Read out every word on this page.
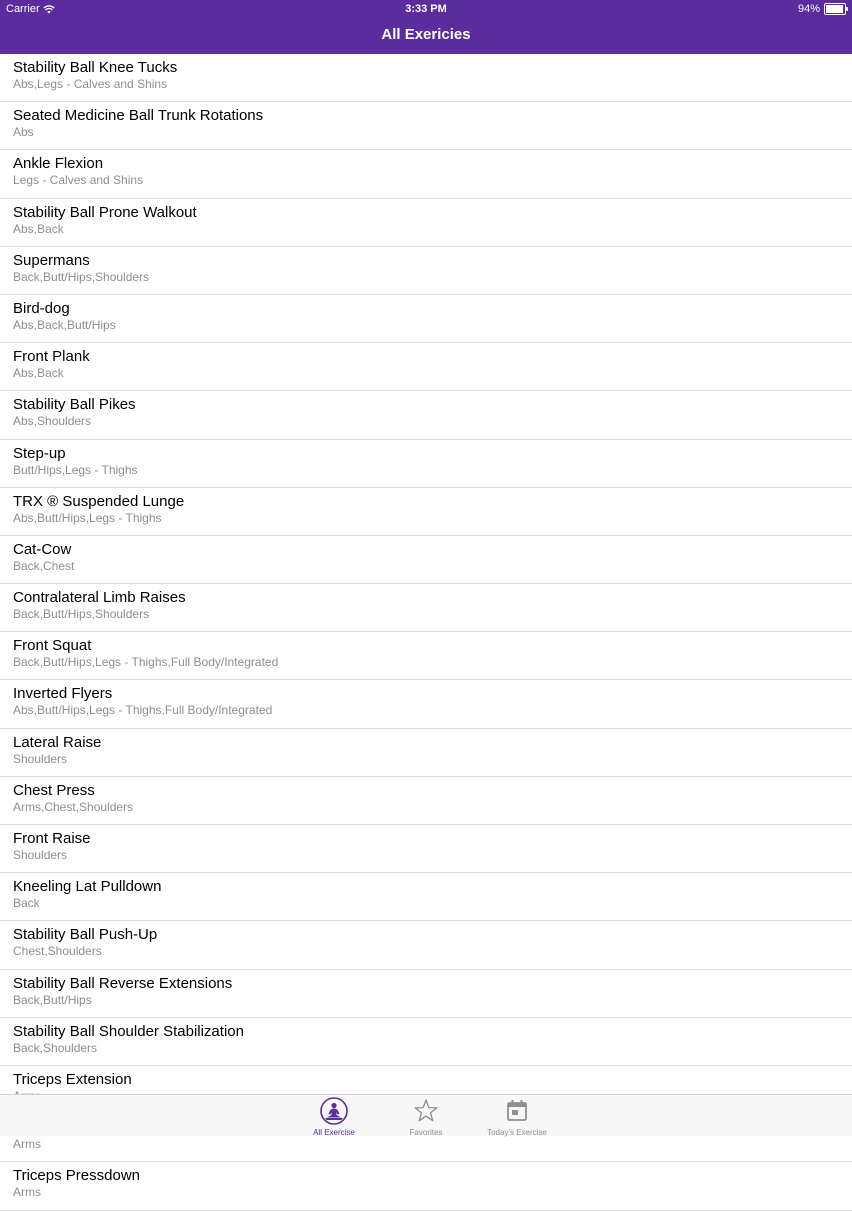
Carrier	3:33 PM	94%
All Exericies
Stability Ball Knee Tucks
Abs,Legs - Calves and Shins
Seated Medicine Ball Trunk Rotations
Abs
Ankle Flexion
Legs - Calves and Shins
Stability Ball Prone Walkout
Abs,Back
Supermans
Back,Butt/Hips,Shoulders
Bird-dog
Abs,Back,Butt/Hips
Front Plank
Abs,Back
Stability Ball Pikes
Abs,Shoulders
Step-up
Butt/Hips,Legs - Thighs
TRX ® Suspended Lunge
Abs,Butt/Hips,Legs - Thighs
Cat-Cow
Back,Chest
Contralateral Limb Raises
Back,Butt/Hips,Shoulders
Front Squat
Back,Butt/Hips,Legs - Thighs,Full Body/Integrated
Inverted Flyers
Abs,Butt/Hips,Legs - Thighs,Full Body/Integrated
Lateral Raise
Shoulders
Chest Press
Arms,Chest,Shoulders
Front Raise
Shoulders
Kneeling Lat Pulldown
Back
Stability Ball Push-Up
Chest,Shoulders
Stability Ball Reverse Extensions
Back,Butt/Hips
Stability Ball Shoulder Stabilization
Back,Shoulders
Triceps Extension
Arms
Triceps Pressdown
Arms
All Exercise	Favorites	Today's Exercise
